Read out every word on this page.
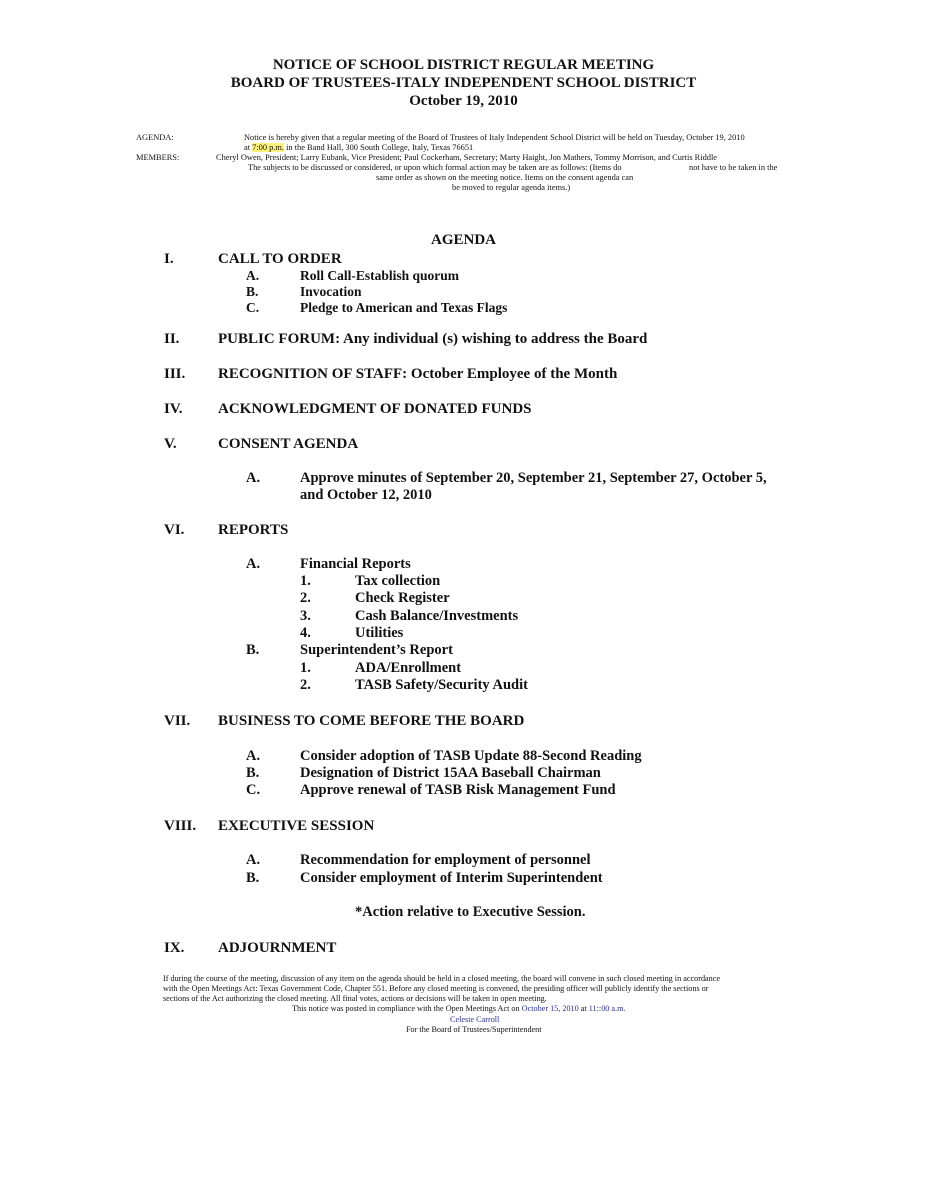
NOTICE OF SCHOOL DISTRICT REGULAR MEETING
BOARD OF TRUSTEES-ITALY INDEPENDENT SCHOOL DISTRICT
October 19, 2010
AGENDA:	Notice is hereby given that a regular meeting of the Board of Trustees of Italy Independent School District will be held on Tuesday, October 19, 2010
at 7:00 p.m. in the Band Hall, 300 South College, Italy, Texas 76651
MEMBERS:	Cheryl Owen, President; Larry Eubank, Vice President; Paul Cockerham, Secretary; Marty Haight, Jon Mathers, Tommy Morrison, and Curtis Riddle
The subjects to be discussed or considered, or upon which formal action may be taken are as follows: (Items do	not have to be taken in the
same order as shown on the meeting notice. Items on the consent agenda can
be moved to regular agenda items.)
AGENDA
I.	CALL TO ORDER
A.	Roll Call-Establish quorum
B.	Invocation
C.	Pledge to American and Texas Flags
II.	PUBLIC FORUM: Any individual (s) wishing to address the Board
III. RECOGNITION OF STAFF: October Employee of the Month
IV. ACKNOWLEDGMENT OF DONATED FUNDS
V.	CONSENT AGENDA
A.	Approve minutes of September 20, September 21, September 27, October 5,
and October 12, 2010
VI. REPORTS
A.	Financial Reports
1.	Tax collection
2.	Check Register
3.	Cash Balance/Investments
4.	Utilities
B.	Superintendent’s Report
1.	ADA/Enrollment
2.	TASB Safety/Security Audit
VII. BUSINESS TO COME BEFORE THE BOARD
A.	Consider adoption of TASB Update 88-Second Reading
B.	Designation of District 15AA Baseball Chairman
C.	Approve renewal of TASB Risk Management Fund
VIII. EXECUTIVE SESSION
A.	Recommendation for employment of personnel
B.	Consider employment of Interim Superintendent
*Action relative to Executive Session.
IX. ADJOURNMENT
If during the course of the meeting, discussion of any item on the agenda should be held in a closed meeting, the board will convene in such closed meeting in accordance
with the Open Meetings Act: Texas Government Code, Chapter 551. Before any closed meeting is convened, the presiding officer will publicly identify the sections or
sections of the Act authorizing the closed meeting. All final votes, actions or decisions will be taken in open meeting.
This notice was posted in compliance with the Open Meetings Act on October 15, 2010 at 11::00 a.m.
Celeste Carroll
For the Board of Trustees/Superintendent
